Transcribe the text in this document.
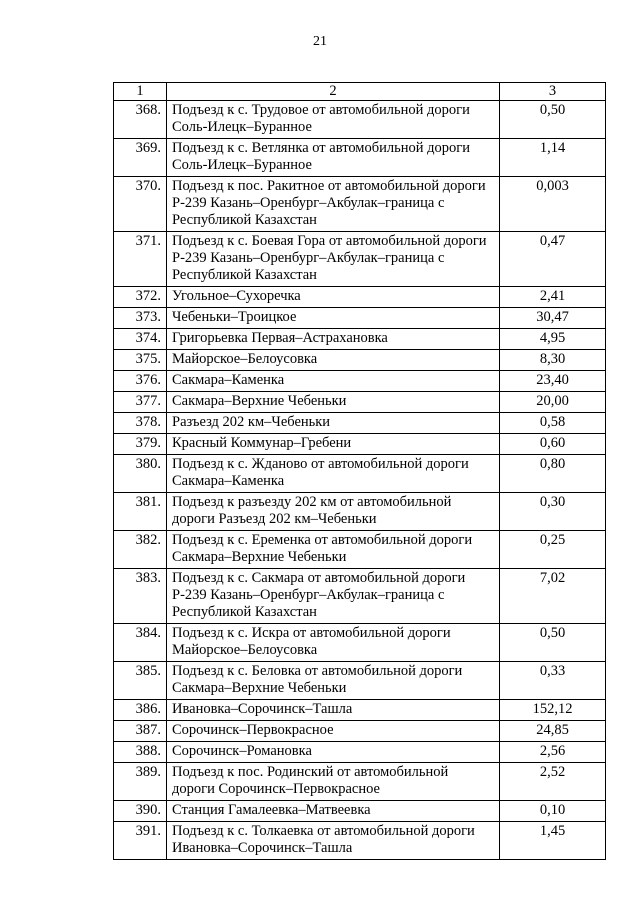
21
1	2	3
368.	Подъезд к с. Трудовое от автомобильной дороги Соль-Илецк–Буранное	0,50
369.	Подъезд к с. Ветлянка от автомобильной дороги Соль-Илецк–Буранное	1,14
370.	Подъезд к пос. Ракитное от автомобильной дороги Р-239 Казань–Оренбург–Акбулак–граница с Республикой Казахстан	0,003
371.	Подъезд к с. Боевая Гора от автомобильной дороги Р-239 Казань–Оренбург–Акбулак–граница с Республикой Казахстан	0,47
372.	Угольное–Сухоречка	2,41
373.	Чебеньки–Троицкое	30,47
374.	Григорьевка Первая–Астрахановка	4,95
375.	Майорское–Белоусовка	8,30
376.	Сакмара–Каменка	23,40
377.	Сакмара–Верхние Чебеньки	20,00
378.	Разъезд 202 км–Чебеньки	0,58
379.	Красный Коммунар–Гребени	0,60
380.	Подъезд к с. Жданово от автомобильной дороги Сакмара–Каменка	0,80
381.	Подъезд к разъезду 202 км от автомобильной дороги Разъезд 202 км–Чебеньки	0,30
382.	Подъезд к с. Еременка от автомобильной дороги Сакмара–Верхние Чебеньки	0,25
383.	Подъезд к с. Сакмара от автомобильной дороги Р-239 Казань–Оренбург–Акбулак–граница с Республикой Казахстан	7,02
384.	Подъезд к с. Искра от автомобильной дороги Майорское–Белоусовка	0,50
385.	Подъезд к с. Беловка от автомобильной дороги Сакмара–Верхние Чебеньки	0,33
386.	Ивановка–Сорочинск–Ташла	152,12
387.	Сорочинск–Первокрасное	24,85
388.	Сорочинск–Романовка	2,56
389.	Подъезд к пос. Родинский от автомобильной дороги Сорочинск–Первокрасное	2,52
390.	Станция Гамалеевка–Матвеевка	0,10
391.	Подъезд к с. Толкаевка от автомобильной дороги Ивановка–Сорочинск–Ташла	1,45
